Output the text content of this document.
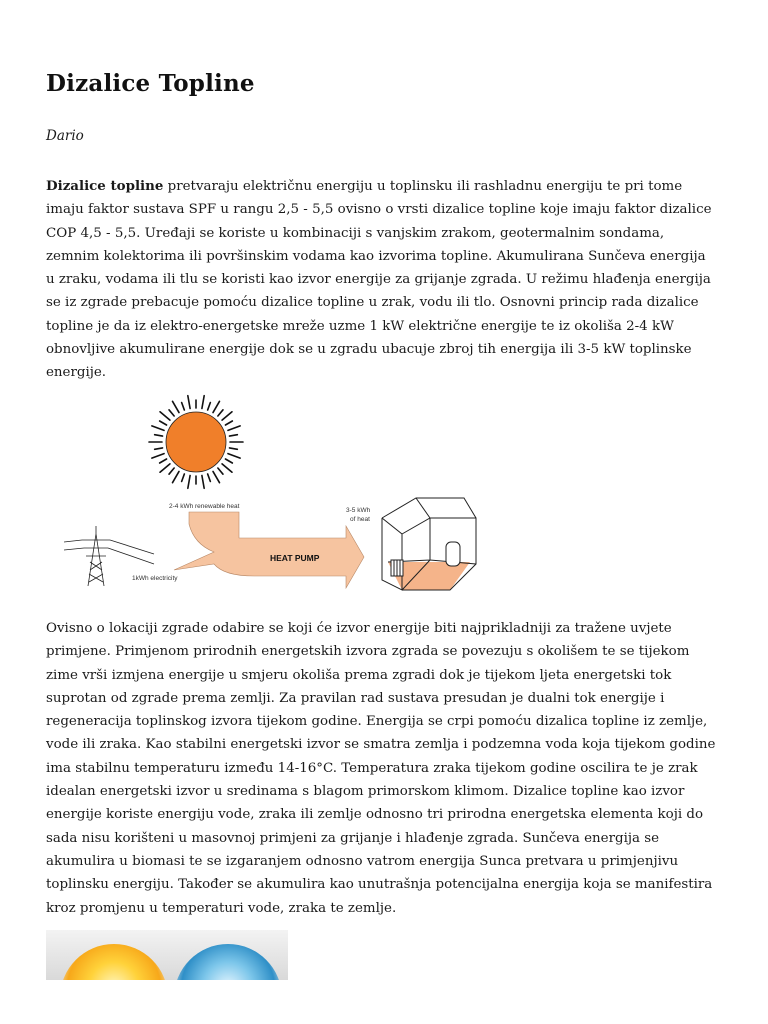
Dizalice Topline

Dario

Dizalice topline pretvaraju električnu energiju u toplinsku ili rashladnu energiju te pri tome
imaju faktor sustava SPF u rangu 2,5 - 5,5 ovisno o vrsti dizalice topline koje imaju faktor dizalice
COP 4,5 - 5,5. Uređaji se koriste u kombinaciji s vanjskim zrakom, geotermalnim sondama,
zemnim kolektorima ili površinskim vodama kao izvorima topline. Akumulirana Sunčeva energija
u zraku, vodama ili tlu se koristi kao izvor energije za grijanje zgrada. U režimu hlađenja energija
se iz zgrade prebacuje pomoću dizalice topline u zrak, vodu ili tlo. Osnovni princip rada dizalice
topline je da iz elektro-energetske mreže uzme 1 kW električne energije te iz okoliša 2-4 kW
obnovljive akumulirane energije dok se u zgradu ubacuje zbroj tih energija ili 3-5 kW toplinske
energije.

2-4 kWh renewable heat
HEAT PUMP
1kWh electricity
3-5 kWh
of heat

Ovisno o lokaciji zgrade odabire se koji će izvor energije biti najprikladniji za tražene uvjete
primjene. Primjenom prirodnih energetskih izvora zgrada se povezuju s okolišem te se tijekom
zime vrši izmjena energije u smjeru okoliša prema zgradi dok je tijekom ljeta energetski tok
suprotan od zgrade prema zemlji. Za pravilan rad sustava presudan je dualni tok energije i
regeneracija toplinskog izvora tijekom godine. Energija se crpi pomoću dizalica topline iz zemlje,
vode ili zraka. Kao stabilni energetski izvor se smatra zemlja i podzemna voda koja tijekom godine
ima stabilnu temperaturu između 14-16°C. Temperatura zraka tijekom godine oscilira te je zrak
idealan energetski izvor u sredinama s blagom primorskom klimom. Dizalice topline kao izvor
energije koriste energiju vode, zraka ili zemlje odnosno tri prirodna energetska elementa koji do
sada nisu korišteni u masovnoj primjeni za grijanje i hlađenje zgrada. Sunčeva energija se
akumulira u biomasi te se izgaranjem odnosno vatrom energija Sunca pretvara u primjenjivu
toplinsku energiju. Također se akumulira kao unutrašnja potencijalna energija koja se manifestira
kroz promjenu u temperaturi vode, zraka te zemlje.
